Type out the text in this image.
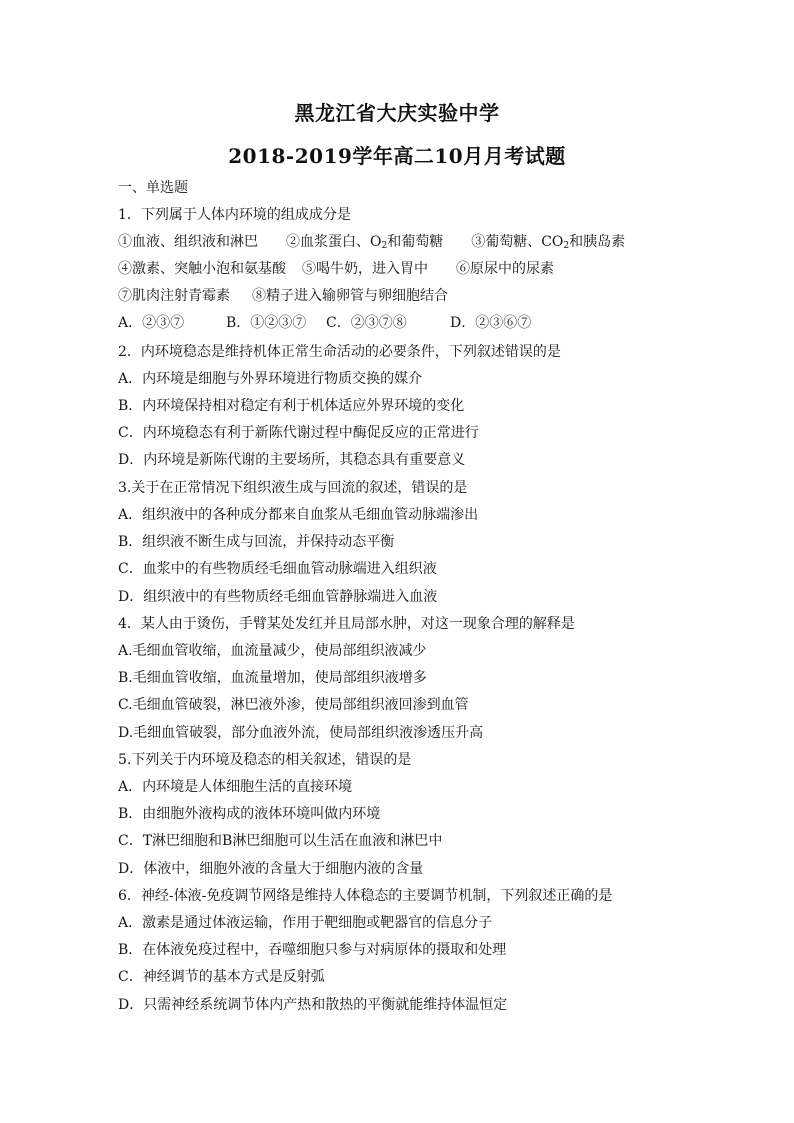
黑龙江省大庆实验中学
2018-2019学年高二10月月考试题
一、单选题
1．下列属于人体内环境的组成成分是
①血液、组织液和淋巴 ②血浆蛋白、$O_2$和葡萄糖 ③葡萄糖、$CO_2$和胰岛素
④激素、突触小泡和氨基酸 ⑤喝牛奶，进入胃中 ⑥原尿中的尿素
⑦肌肉注射青霉素 ⑧精子进入输卵管与卵细胞结合
A．②③⑦	B．①②③⑦ C．②③⑦⑧	D．②③⑥⑦
2．内环境稳态是维持机体正常生命活动的必要条件，下列叙述错误的是
A．内环境是细胞与外界环境进行物质交换的媒介
B．内环境保持相对稳定有利于机体适应外界环境的变化
C．内环境稳态有利于新陈代谢过程中酶促反应的正常进行
D．内环境是新陈代谢的主要场所，其稳态具有重要意义
3.关于在正常情况下组织液生成与回流的叙述，错误的是
A．组织液中的各种成分都来自血浆从毛细血管动脉端渗出
B．组织液不断生成与回流，并保持动态平衡
C．血浆中的有些物质经毛细血管动脉端进入组织液
D．组织液中的有些物质经毛细血管静脉端进入血液
4．某人由于烫伤，手臂某处发红并且局部水肿，对这一现象合理的解释是
A.毛细血管收缩，血流量减少，使局部组织液减少
B.毛细血管收缩，血流量增加，使局部组织液增多
C.毛细血管破裂，淋巴液外渗，使局部组织液回渗到血管
D.毛细血管破裂，部分血液外流，使局部组织液渗透压升高
5.下列关于内环境及稳态的相关叙述，错误的是
A．内环境是人体细胞生活的直接环境
B．由细胞外液构成的液体环境叫做内环境
C．T淋巴细胞和B淋巴细胞可以生活在血液和淋巴中
D．体液中，细胞外液的含量大于细胞内液的含量
6．神经-体液-免疫调节网络是维持人体稳态的主要调节机制，下列叙述正确的是
A．激素是通过体液运输，作用于靶细胞或靶器官的信息分子
B．在体液免疫过程中，吞噬细胞只参与对病原体的摄取和处理
C．神经调节的基本方式是反射弧
D．只需神经系统调节体内产热和散热的平衡就能维持体温恒定
